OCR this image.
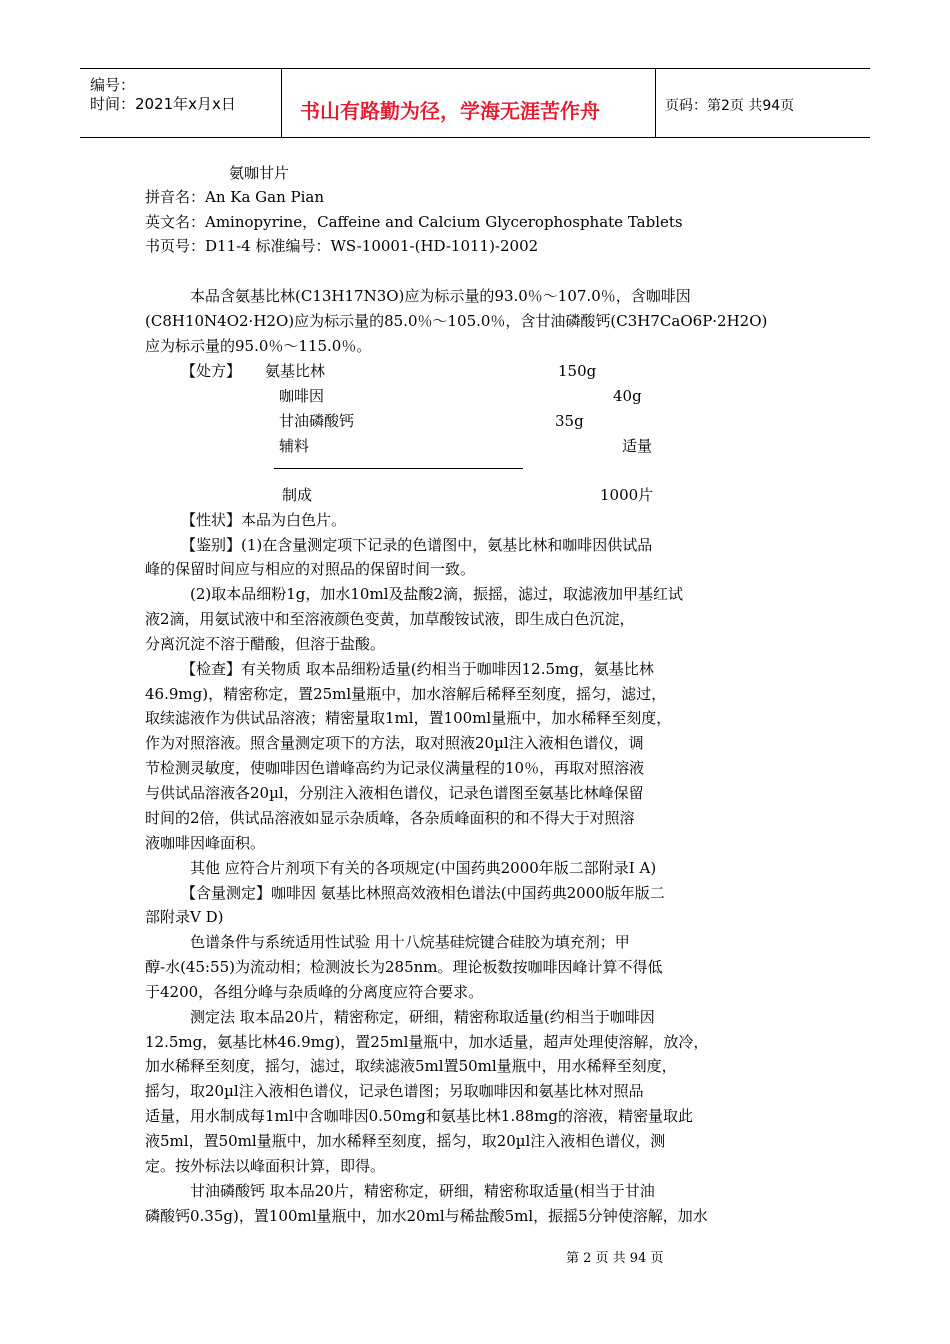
编号：
时间：2021年x月x日	书山有路勤为径，学海无涯苦作舟	页码：第2页 共94页
氨咖甘片
拼音名：An Ka Gan Pian
英文名：Aminopyrine，Caffeine and Calcium Glycerophosphate Tablets
书页号：D11-4 标准编号：WS-10001-(HD-1011)-2002
本品含氨基比林(C13H17N3O)应为标示量的93.0％～107.0％，含咖啡因
(C8H10N4O2·H2O)应为标示量的85.0％～105.0％，含甘油磷酸钙(C3H7CaO6P·2H2O)
应为标示量的95.0％～115.0％。
【处方】 氨基比林	150g
咖啡因	40g
甘油磷酸钙	35g
辅料	适量
制成	1000片
【性状】本品为白色片。
【鉴别】(1)在含量测定项下记录的色谱图中，氨基比林和咖啡因供试品
峰的保留时间应与相应的对照品的保留时间一致。
(2)取本品细粉1g，加水10ml及盐酸2滴，振摇，滤过，取滤液加甲基红试
液2滴，用氨试液中和至溶液颜色变黄，加草酸铵试液，即生成白色沉淀，
分离沉淀不溶于醋酸，但溶于盐酸。
【检查】有关物质 取本品细粉适量(约相当于咖啡因12.5mg，氨基比林
46.9mg)，精密称定，置25ml量瓶中，加水溶解后稀释至刻度，摇匀，滤过，
取续滤液作为供试品溶液；精密量取1ml，置100ml量瓶中，加水稀释至刻度，
作为对照溶液。照含量测定项下的方法，取对照液20µl注入液相色谱仪，调
节检测灵敏度，使咖啡因色谱峰高约为记录仪满量程的10％，再取对照溶液
与供试品溶液各20µl，分别注入液相色谱仪，记录色谱图至氨基比林峰保留
时间的2倍，供试品溶液如显示杂质峰，各杂质峰面积的和不得大于对照溶
液咖啡因峰面积。
其他 应符合片剂项下有关的各项规定(中国药典2000年版二部附录Ⅰ A)
【含量测定】咖啡因 氨基比林照高效液相色谱法(中国药典2000版年版二
部附录Ⅴ D)
色谱条件与系统适用性试验 用十八烷基硅烷键合硅胶为填充剂；甲
醇-水(45:55)为流动相；检测波长为285nm。理论板数按咖啡因峰计算不得低
于4200，各组分峰与杂质峰的分离度应符合要求。
测定法 取本品20片，精密称定，研细，精密称取适量(约相当于咖啡因
12.5mg，氨基比林46.9mg)，置25ml量瓶中，加水适量，超声处理使溶解，放冷，
加水稀释至刻度，摇匀，滤过，取续滤液5ml置50ml量瓶中，用水稀释至刻度，
摇匀，取20µl注入液相色谱仪，记录色谱图；另取咖啡因和氨基比林对照品
适量，用水制成每1ml中含咖啡因0.50mg和氨基比林1.88mg的溶液，精密量取此
液5ml，置50ml量瓶中，加水稀释至刻度，摇匀，取20µl注入液相色谱仪，测
定。按外标法以峰面积计算，即得。
甘油磷酸钙 取本品20片，精密称定，研细，精密称取适量(相当于甘油
磷酸钙0.35g)，置100ml量瓶中，加水20ml与稀盐酸5ml，振摇5分钟使溶解，加水
第 2 页 共 94 页
